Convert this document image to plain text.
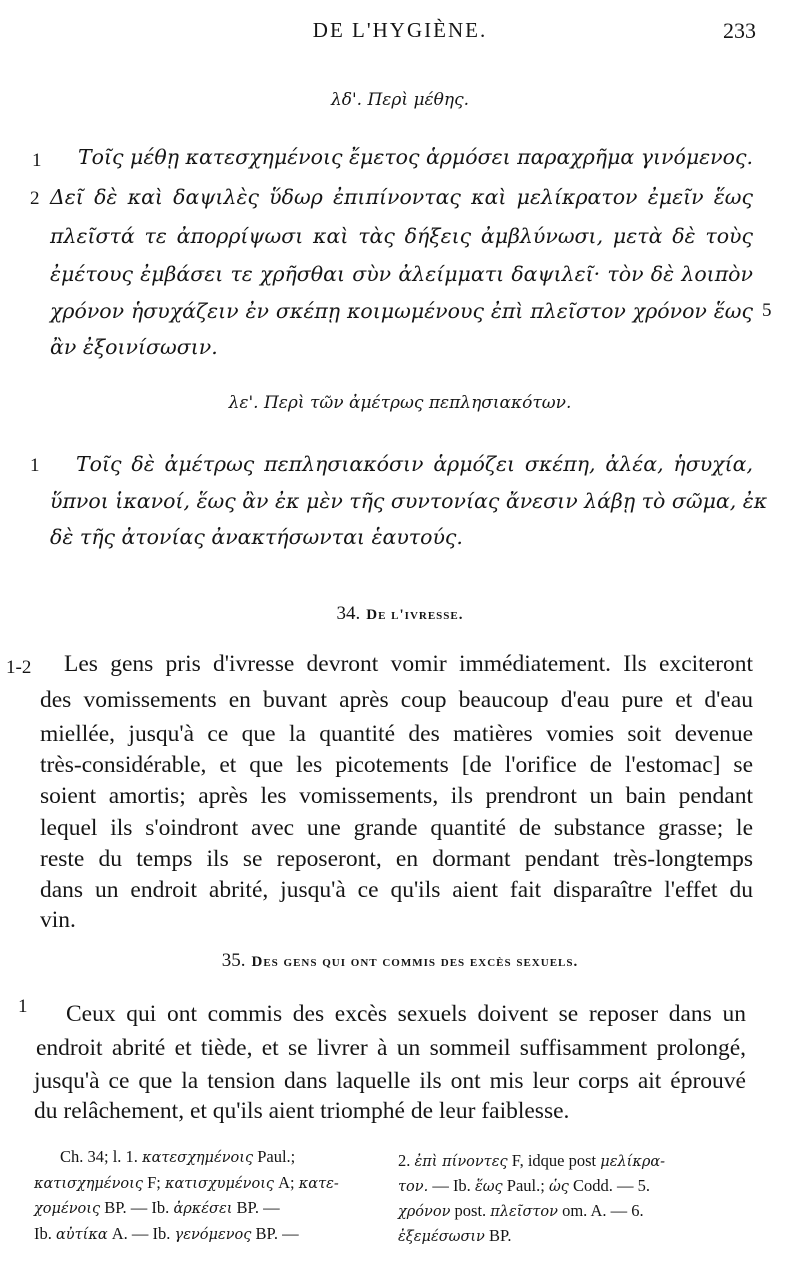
DE L'HYGIÈNE.	233
λδ'. Περὶ μέθης.
1
2
5
Τοῖς μέθῃ κατεσχημένοις ἔμετος ἁρμόσει παραχρῆμα γινόμενος.
Δεῖ δὲ καὶ δαψιλὲς ὕδωρ ἐπιπίνοντας καὶ μελίκρατον ἐμεῖν ἕως
πλεῖστά τε ἀπορρίψωσι καὶ τὰς δήξεις ἀμβλύνωσι, μετὰ δὲ τοὺς
ἐμέτους ἐμβάσει τε χρῆσθαι σὺν ἀλείμματι δαψιλεῖ· τὸν δὲ λοιπὸν
χρόνον ἡσυχάζειν ἐν σκέπῃ κοιμωμένους ἐπὶ πλεῖστον χρόνον ἕως
ἂν ἐξοινίσωσιν.
λε'. Περὶ τῶν ἀμέτρως πεπλησιακότων.
1 Τοῖς δὲ ἀμέτρως πεπλησιακόσιν ἁρμόζει σκέπη, ἀλέα, ἡσυχία,
ὕπνοι ἱκανοί, ἕως ἂν ἐκ μὲν τῆς συντονίας ἄνεσιν λάβῃ τὸ σῶμα, ἐκ
δὲ τῆς ἀτονίας ἀνακτήσωνται ἑαυτούς.
34. De l'ivresse.
1-2 Les gens pris d'ivresse devront vomir immédiatement. Ils exciteront
des vomissements en buvant après coup beaucoup d'eau pure et d'eau
miellée, jusqu'à ce que la quantité des matières vomies soit devenue
très-considérable, et que les picotements [de l'orifice de l'estomac] se
soient amortis; après les vomissements, ils prendront un bain pendant
lequel ils s'oindront avec une grande quantité de substance grasse; le
reste du temps ils se reposeront, en dormant pendant très-longtemps
dans un endroit abrité, jusqu'à ce qu'ils aient fait disparaître l'effet du
vin.
35. Des gens qui ont commis des excès sexuels.
1 Ceux qui ont commis des excès sexuels doivent se reposer dans un
endroit abrité et tiède, et se livrer à un sommeil suffisamment prolongé,
jusqu'à ce que la tension dans laquelle ils ont mis leur corps ait éprouvé
du relâchement, et qu'ils aient triomphé de leur faiblesse.
Ch. 34; l. 1. κατεσχημένοις Paul.;
κατισχημένοις F; κατισχυμένοις A; κατε-
χομένοις BP. — Ib. ἀρκέσει BP. —
Ib. αὐτίκα A. — Ib. γενόμενος BP. —
2. ἐπὶ πίνοντες F, idque post μελίκρα-
τον. — Ib. ἕως Paul.; ὡς Codd. — 5.
χρόνον post. πλεῖστον om. A. — 6.
ἐξεμέσωσιν BP.
